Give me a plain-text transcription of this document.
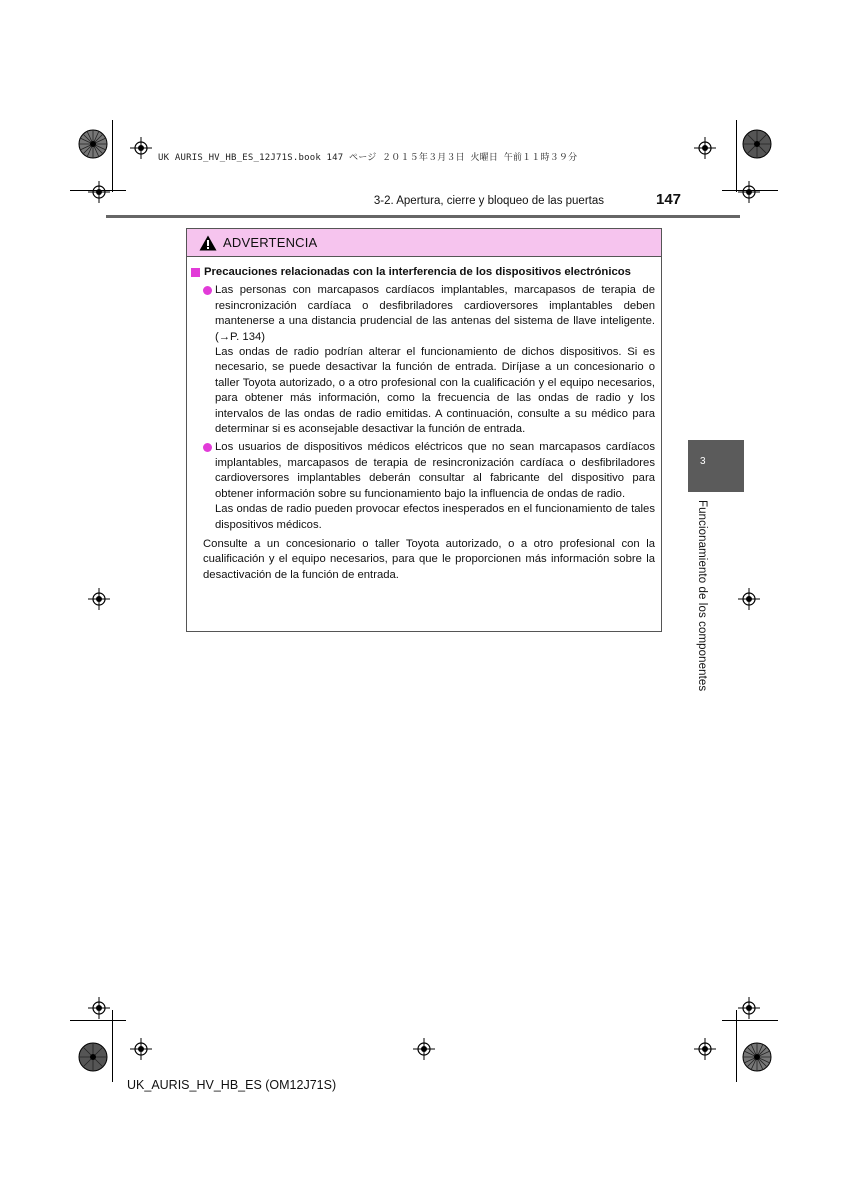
UK AURIS_HV_HB_ES_12J71S.book 147 ページ ２０１５年３月３日 火曜日 午前１１時３９分
3-2. Apertura, cierre y bloqueo de las puertas	147
3
Funcionamiento de los componentes
ADVERTENCIA
Precauciones relacionadas con la interferencia de los dispositivos electrónicos

Las personas con marcapasos cardíacos implantables, marcapasos de terapia de resincronización cardíaca o desfibriladores cardioversores implantables deben mantenerse a una distancia prudencial de las antenas del sistema de llave inteligente. (→P. 134)

Las ondas de radio podrían alterar el funcionamiento de dichos dispositivos. Si es necesario, se puede desactivar la función de entrada. Diríjase a un concesionario o taller Toyota autorizado, o a otro profesional con la cualificación y el equipo necesarios, para obtener más información, como la frecuencia de las ondas de radio y los intervalos de las ondas de radio emitidas. A continuación, consulte a su médico para determinar si es aconsejable desactivar la función de entrada.

Los usuarios de dispositivos médicos eléctricos que no sean marcapasos cardíacos implantables, marcapasos de terapia de resincronización cardíaca o desfibriladores cardioversores implantables deberán consultar al fabricante del dispositivo para obtener información sobre su funcionamiento bajo la influencia de ondas de radio.

Las ondas de radio pueden provocar efectos inesperados en el funcionamiento de tales dispositivos médicos.

Consulte a un concesionario o taller Toyota autorizado, o a otro profesional con la cualificación y el equipo necesarios, para que le proporcionen más información sobre la desactivación de la función de entrada.

UK_AURIS_HV_HB_ES (OM12J71S)
